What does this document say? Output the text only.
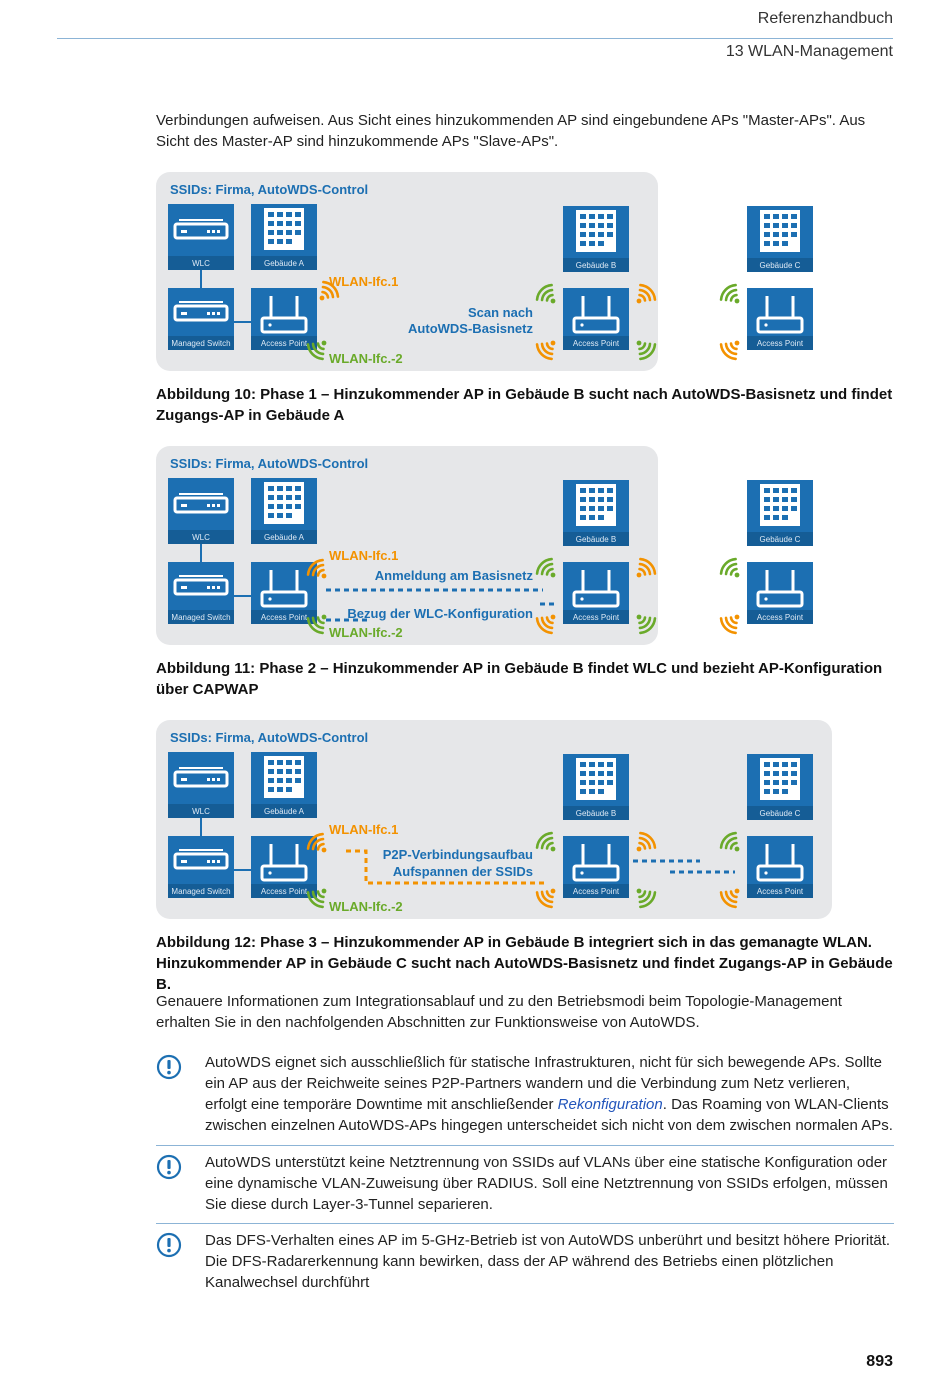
Referenzhandbuch
13 WLAN-Management
Verbindungen aufweisen. Aus Sicht eines hinzukommenden AP sind eingebundene APs "Master-APs". Aus Sicht des Master-AP sind hinzukommende APs "Slave-APs".
SSIDs: Firma, AutoWDS-Control
WLC	Gebäude A
Managed Switch	Access Point
WLAN-Ifc.1
WLAN-Ifc.-2
Gebäude B
Access Point
Gebäude C
Access Point
Scan nach
AutoWDS-Basisnetz
Abbildung 10: Phase 1 – Hinzukommender AP in Gebäude B sucht nach AutoWDS-Basisnetz und findet Zugangs-AP in Gebäude A
SSIDs: Firma, AutoWDS-Control
WLC	Gebäude A
Managed Switch	Access Point
WLAN-Ifc.1
WLAN-Ifc.-2
Gebäude B
Access Point
Gebäude C
Access Point
Anmeldung am Basisnetz
Bezug der WLC-Konfiguration
Abbildung 11: Phase 2 – Hinzukommender AP in Gebäude B findet WLC und bezieht AP-Konfiguration über CAPWAP
SSIDs: Firma, AutoWDS-Control
WLC	Gebäude A
Managed Switch	Access Point
WLAN-Ifc.1
WLAN-Ifc.-2
Gebäude B
Access Point
Gebäude C
Access Point
P2P-Verbindungsaufbau
Aufspannen der SSIDs
Abbildung 12: Phase 3 – Hinzukommender AP in Gebäude B integriert sich in das gemanagte WLAN. Hinzukommender AP in Gebäude C sucht nach AutoWDS-Basisnetz und findet Zugangs-AP in Gebäude B.
Genauere Informationen zum Integrationsablauf und zu den Betriebsmodi beim Topologie-Management erhalten Sie in den nachfolgenden Abschnitten zur Funktionsweise von AutoWDS.
AutoWDS eignet sich ausschließlich für statische Infrastrukturen, nicht für sich bewegende APs. Sollte ein AP aus der Reichweite seines P2P-Partners wandern und die Verbindung zum Netz verlieren, erfolgt eine temporäre Downtime mit anschließender Rekonfiguration. Das Roaming von WLAN-Clients zwischen einzelnen AutoWDS-APs hingegen unterscheidet sich nicht von dem zwischen normalen APs.
AutoWDS unterstützt keine Netztrennung von SSIDs auf VLANs über eine statische Konfiguration oder eine dynamische VLAN-Zuweisung über RADIUS. Soll eine Netztrennung von SSIDs erfolgen, müssen Sie diese durch Layer-3-Tunnel separieren.
Das DFS-Verhalten eines AP im 5-GHz-Betrieb ist von AutoWDS unberührt und besitzt höhere Priorität. Die DFS-Radarerkennung kann bewirken, dass der AP während des Betriebs einen plötzlichen Kanalwechsel durchführt
893
